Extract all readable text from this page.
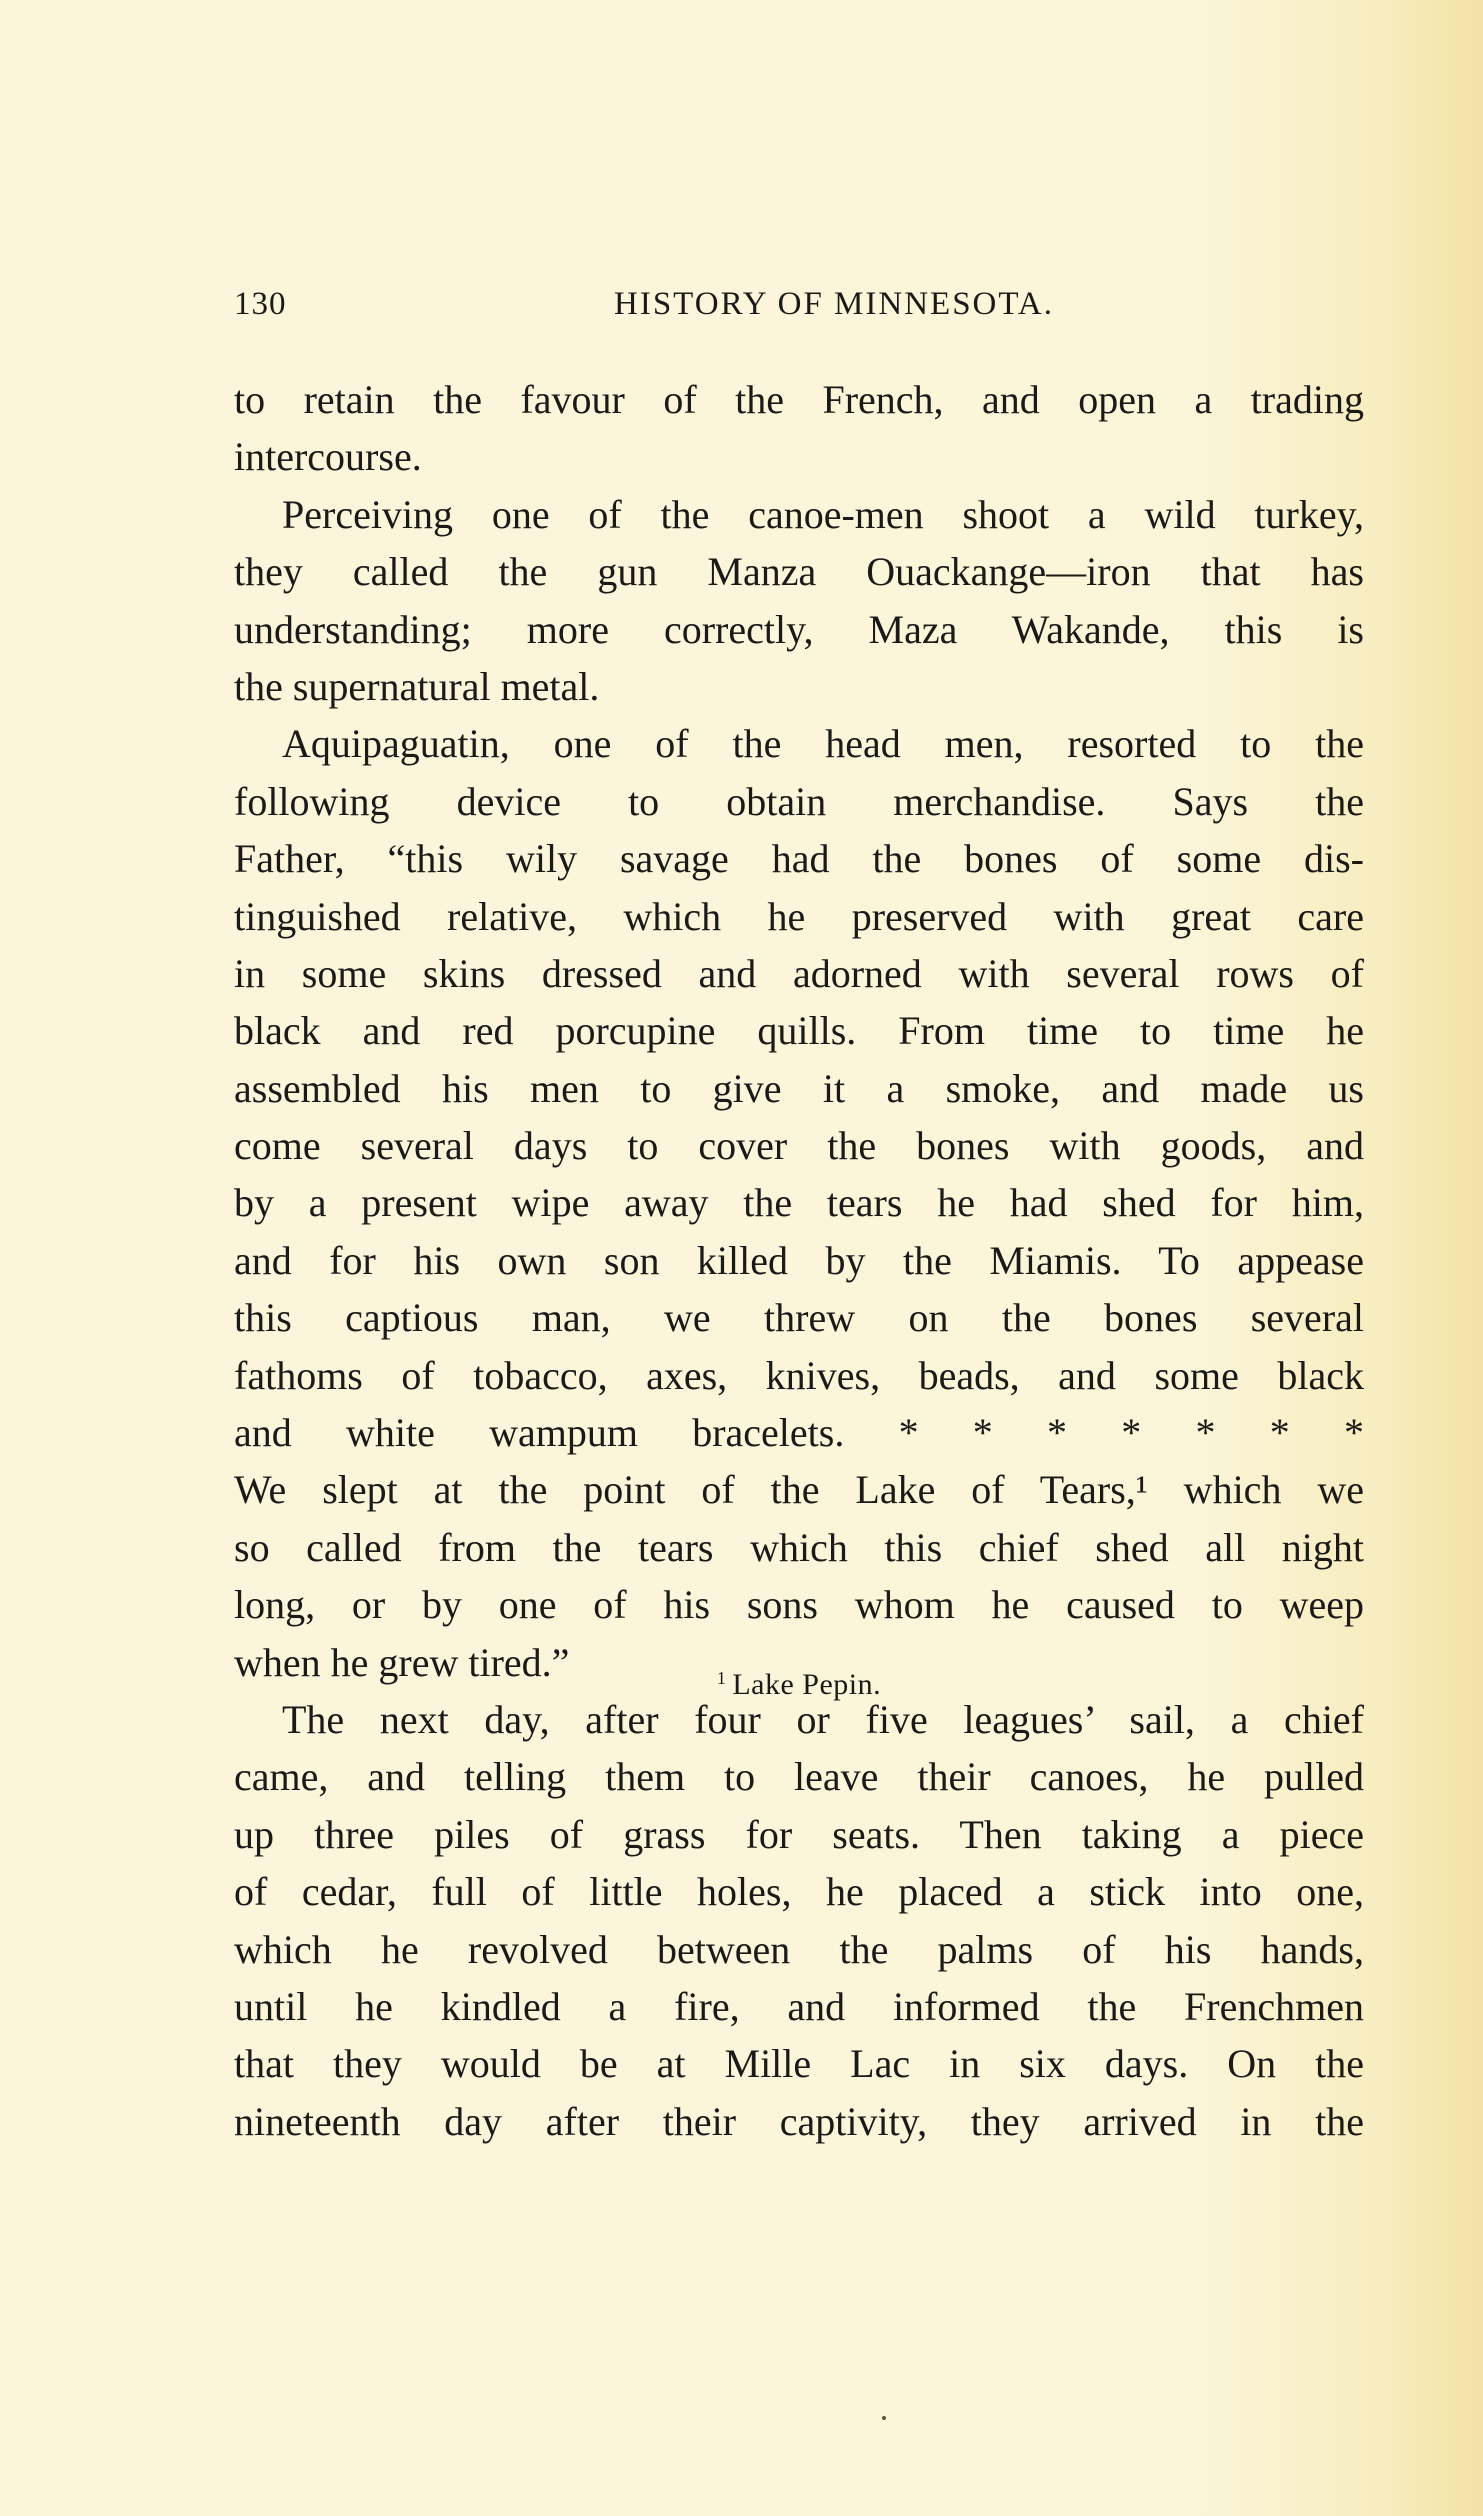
130	HISTORY OF MINNESOTA.
to retain the favour of the French, and open a trading
intercourse.
Perceiving one of the canoe-men shoot a wild turkey,
they called the gun Manza Ouackange—iron that has
understanding; more correctly, Maza Wakande, this is
the supernatural metal.
Aquipaguatin, one of the head men, resorted to the
following device to obtain merchandise. Says the
Father, “this wily savage had the bones of some dis-
tinguished relative, which he preserved with great care
in some skins dressed and adorned with several rows of
black and red porcupine quills. From time to time he
assembled his men to give it a smoke, and made us
come several days to cover the bones with goods, and
by a present wipe away the tears he had shed for him,
and for his own son killed by the Miamis. To appease
this captious man, we threw on the bones several
fathoms of tobacco, axes, knives, beads, and some black
and white wampum bracelets. * * * * * * *
We slept at the point of the Lake of Tears,¹ which we
so called from the tears which this chief shed all night
long, or by one of his sons whom he caused to weep
when he grew tired.”
The next day, after four or five leagues’ sail, a chief
came, and telling them to leave their canoes, he pulled
up three piles of grass for seats. Then taking a piece
of cedar, full of little holes, he placed a stick into one,
which he revolved between the palms of his hands,
until he kindled a fire, and informed the Frenchmen
that they would be at Mille Lac in six days. On the
nineteenth day after their captivity, they arrived in the
$^1$ Lake Pepin.
